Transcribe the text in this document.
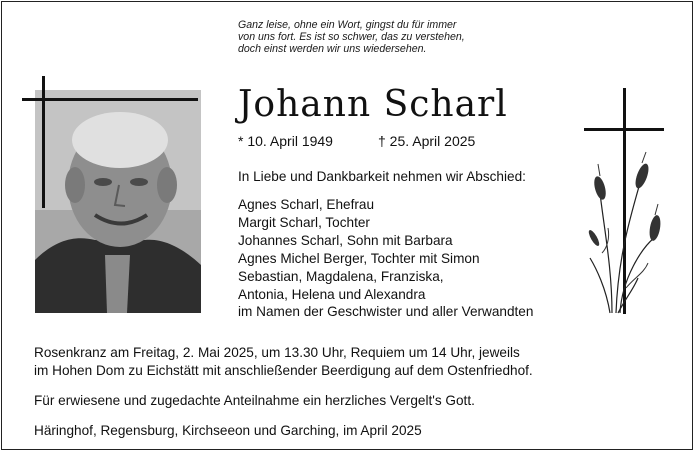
Ganz leise, ohne ein Wort, gingst du für immer
von uns fort. Es ist so schwer, das zu verstehen,
doch einst werden wir uns wiedersehen.
Johann Scharl
* 10. April 1949	† 25. April 2025
In Liebe und Dankbarkeit nehmen wir Abschied:
Agnes Scharl, Ehefrau
Margit Scharl, Tochter
Johannes Scharl, Sohn mit Barbara
Agnes Michel Berger, Tochter mit Simon
Sebastian, Magdalena, Franziska,
Antonia, Helena und Alexandra
im Namen der Geschwister und aller Verwandten
Rosenkranz am Freitag, 2. Mai 2025, um 13.30 Uhr, Requiem um 14 Uhr, jeweils
im Hohen Dom zu Eichstätt mit anschließender Beerdigung auf dem Ostenfriedhof.
Für erwiesene und zugedachte Anteilnahme ein herzliches Vergelt's Gott.
Häringhof, Regensburg, Kirchseeon und Garching, im April 2025
